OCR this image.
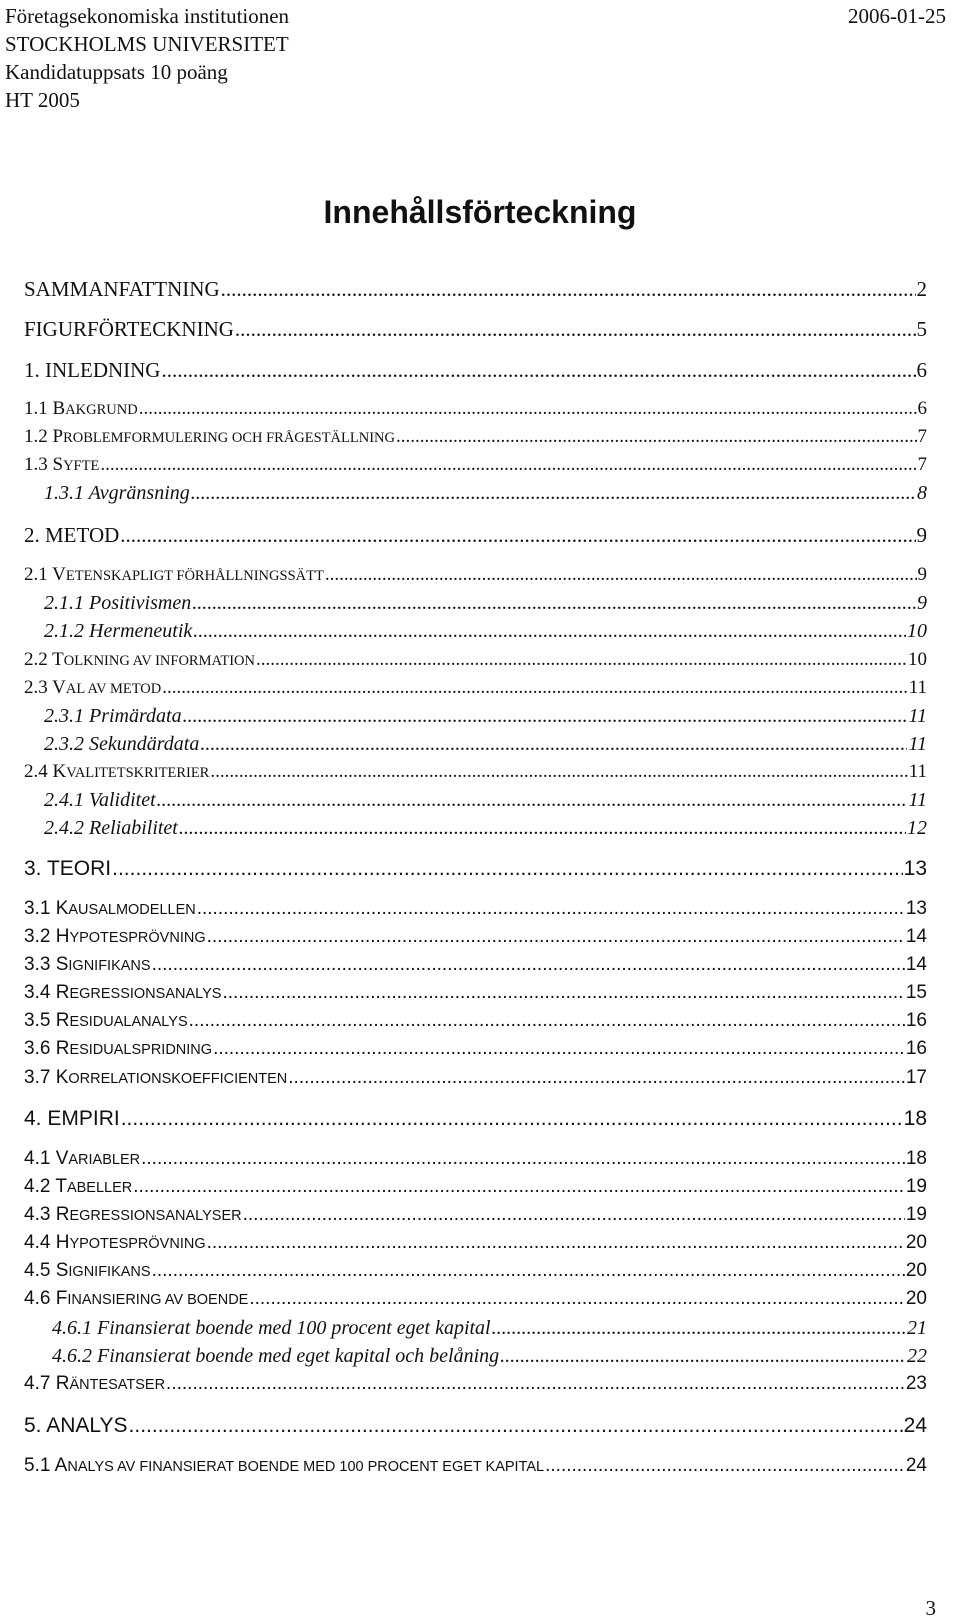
Företagsekonomiska institutionen
STOCKHOLMS UNIVERSITET
Kandidatuppsats 10 poäng
HT 2005
2006-01-25
Innehållsförteckning
SAMMANFATTNING .....	2
FIGURFÖRTECKNING .....	5
1. INLEDNING .....	6
1.1 BAKGRUND .....	6
1.2 PROBLEMFORMULERING OCH FRÅGESTÄLLNING .....	7
1.3 SYFTE .....	7
1.3.1 Avgränsning .....	8
2. METOD .....	9
2.1 VETENSKAPLIGT FÖRHÅLLNINGSSÄTT .....	9
2.1.1 Positivismen .....	9
2.1.2 Hermeneutik .....	10
2.2 TOLKNING AV INFORMATION .....	10
2.3 VAL AV METOD .....	11
2.3.1 Primärdata .....	11
2.3.2 Sekundärdata .....	11
2.4 KVALITETSKRITERIER .....	11
2.4.1 Validitet .....	11
2.4.2 Reliabilitet .....	12
3. TEORI .....	13
3.1 KAUSALMODELLEN .....	13
3.2 HYPOTESPRÖVNING .....	14
3.3 SIGNIFIKANS .....	14
3.4 REGRESSIONSANALYS .....	15
3.5 RESIDUALANALYS .....	16
3.6 RESIDUALSPRIDNING .....	16
3.7 KORRELATIONSKOEFFICIENTEN .....	17
4. EMPIRI .....	18
4.1 VARIABLER .....	18
4.2 TABELLER .....	19
4.3 REGRESSIONSANALYSER .....	19
4.4 HYPOTESPRÖVNING .....	20
4.5 SIGNIFIKANS .....	20
4.6 FINANSIERING AV BOENDE .....	20
4.6.1 Finansierat boende med 100 procent eget kapital .....	21
4.6.2 Finansierat boende med eget kapital och belåning .....	22
4.7 RÄNTESATSER .....	23
5. ANALYS .....	24
5.1 ANALYS AV FINANSIERAT BOENDE MED 100 PROCENT EGET KAPITAL .....	24
3
